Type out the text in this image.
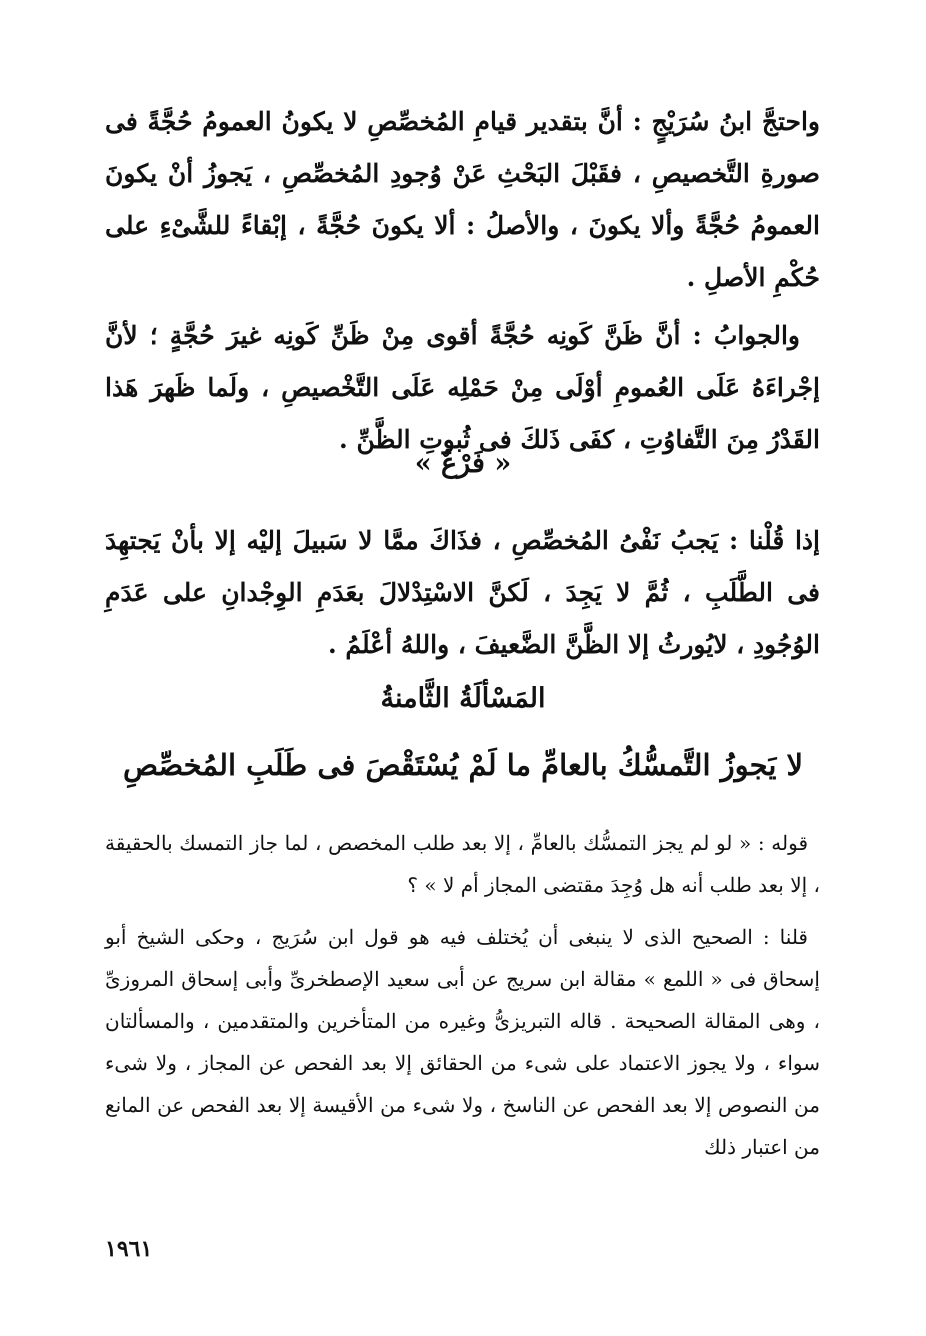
واحتجَّ ابنُ سُرَيْجٍ : أنَّ بتقدير قيامِ المُخصِّصِ لا يكونُ العمومُ حُجَّةً فى صورةِ التَّخصيصِ ، فقَبْلَ البَحْثِ عَنْ وُجودِ المُخصِّصِ ، يَجوزُ أنْ يكونَ العمومُ حُجَّةً وألا يكونَ ، والأصلُ : ألا يكونَ حُجَّةً ، إبْقاءً للشَّىْءِ على حُكْمِ الأصلِ .

والجوابُ : أنَّ ظَنَّ كَونِه حُجَّةً أقوى مِنْ ظَنِّ كَونِه غيرَ حُجَّةٍ ؛ لأنَّ إجْراءَهُ عَلَى العُمومِ أوْلَى مِنْ حَمْلِه عَلَى التَّخْصيصِ ، ولَما ظَهرَ هَذا القَدْرُ مِنَ التَّفاوُتِ ، كفَى ذَلكَ فى ثُبوتِ الظَّنِّ .

« فَرْعٌ »

إذا قُلْنا : يَجبُ نَفْىُ المُخصِّصِ ، فذَاكَ ممَّا لا سَبيلَ إليْه إلا بأنْ يَجتهِدَ فى الطَّلَبِ ، ثُمَّ لا يَجِدَ ، لَكنَّ الاسْتِدْلالَ بعَدَمِ الوِجْدانِ على عَدَمِ الوُجُودِ ، لايُورثُ إلا الظَّنَّ الضَّعيفَ ، واللهُ أعْلَمُ .

المَسْألَةُ الثَّامنةُ
لا يَجوزُ التَّمسُّكُ بالعامِّ ما لَمْ يُسْتَقْصَ فى طَلَبِ المُخصِّصِ

قوله : « لو لم يجز التمسُّك بالعامِّ ، إلا بعد طلب المخصص ، لما جاز التمسك بالحقيقة ، إلا بعد طلب أنه هل وُجِدَ مقتضى المجاز أم لا » ؟

قلنا : الصحيح الذى لا ينبغى أن يُختلف فيه هو قول ابن سُرَيج ، وحكى الشيخ أبو إسحاق فى « اللمع » مقالة ابن سريج عن أبى سعيد الإصطخرىِّ وأبى إسحاق المروزىِّ ، وهى المقالة الصحيحة . قاله التبريزىُّ وغيره من المتأخرين والمتقدمين ، والمسألتان سواء ، ولا يجوز الاعتماد على شىء من الحقائق إلا بعد الفحص عن المجاز ، ولا شىء من النصوص إلا بعد الفحص عن الناسخ ، ولا شىء من الأقيسة إلا بعد الفحص عن المانع من اعتبار ذلك

١٩٦١
